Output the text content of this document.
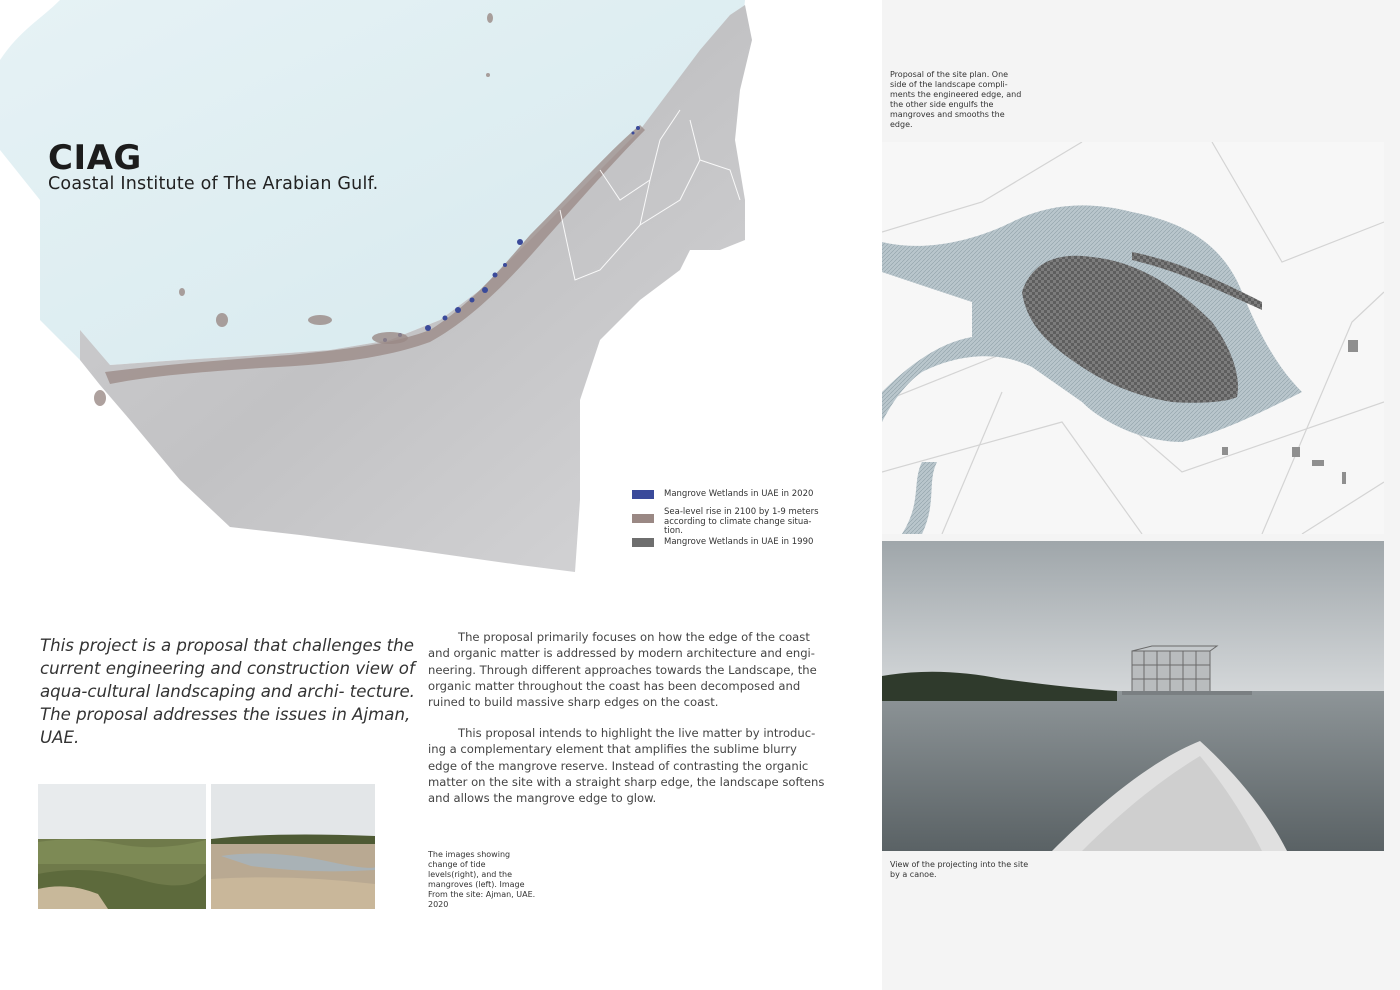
CIAG
Coastal Institute of The Arabian Gulf.
Mangrove Wetlands in UAE in 2020
Sea-level rise in 2100 by 1-9 meters according to climate change situa- tion.
Mangrove Wetlands in UAE in 1990
This project is a proposal that challenges the current engineering and construction view of aqua-cultural landscaping and archi- tecture. The proposal addresses the issues in Ajman, UAE.
The proposal primarily focuses on how the edge of the coast and organic matter is addressed by modern architecture and engi- neering. Through different approaches towards the Landscape, the organic matter throughout the coast has been decomposed and ruined to build massive sharp edges on the coast.
This proposal intends to highlight the live matter by introduc- ing a complementary element that amplifies the sublime blurry edge of the mangrove reserve. Instead of contrasting the organic matter on the site with a straight sharp edge, the landscape softens and allows the mangrove edge to glow.
The images showing change of tide levels(right), and the mangroves (left). Image From the site: Ajman, UAE. 2020
Proposal of the site plan. One side of the landscape compli- ments the engineered edge, and the other side engulfs the mangroves and smooths the edge.
View of the projecting into the site by a canoe.
